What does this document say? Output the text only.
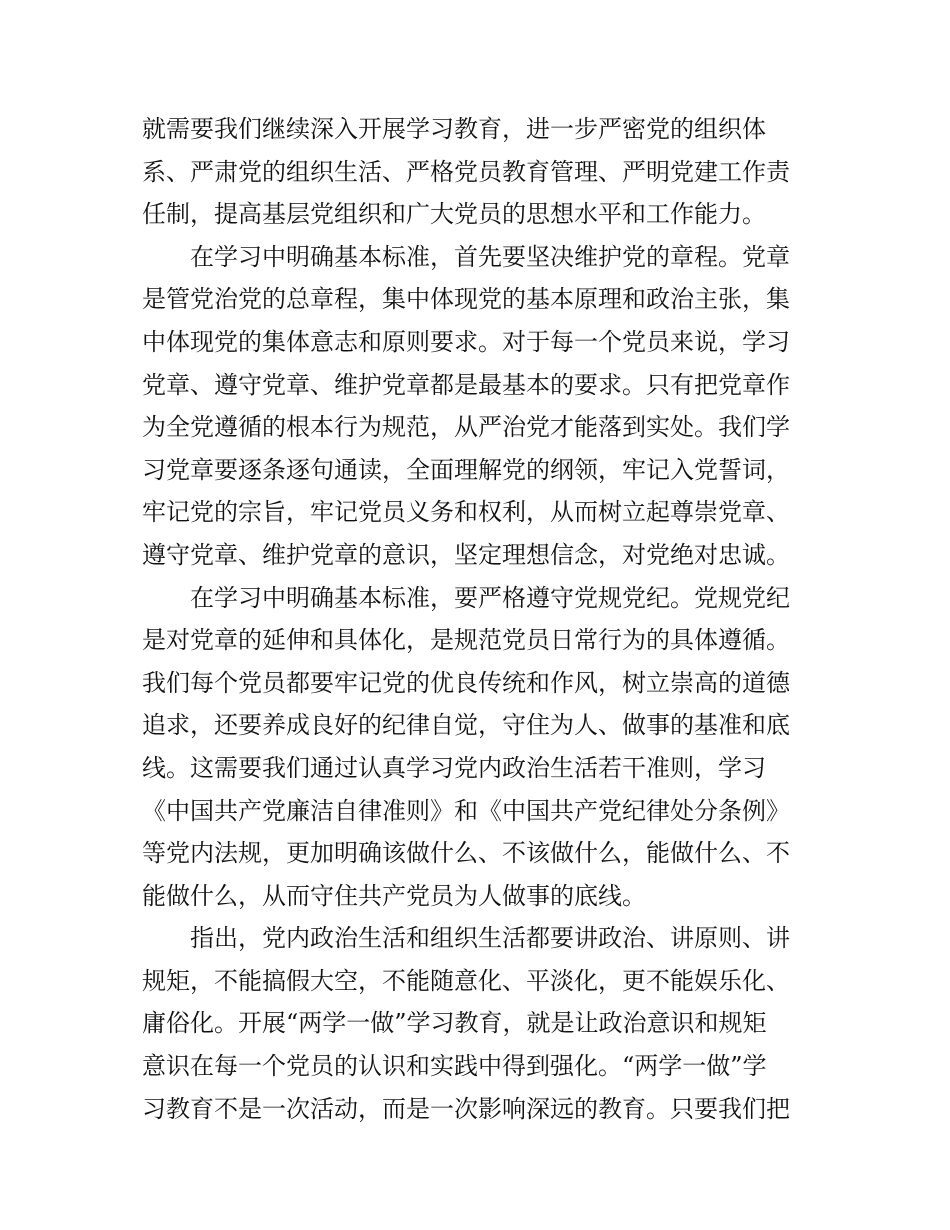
就需要我们继续深入开展学习教育，进一步严密党的组织体
系、严肃党的组织生活、严格党员教育管理、严明党建工作责
任制，提高基层党组织和广大党员的思想水平和工作能力。
在学习中明确基本标准，首先要坚决维护党的章程。党章
是管党治党的总章程，集中体现党的基本原理和政治主张，集
中体现党的集体意志和原则要求。对于每一个党员来说，学习
党章、遵守党章、维护党章都是最基本的要求。只有把党章作
为全党遵循的根本行为规范，从严治党才能落到实处。我们学
习党章要逐条逐句通读，全面理解党的纲领，牢记入党誓词，
牢记党的宗旨，牢记党员义务和权利，从而树立起尊崇党章、
遵守党章、维护党章的意识，坚定理想信念，对党绝对忠诚。
在学习中明确基本标准，要严格遵守党规党纪。党规党纪
是对党章的延伸和具体化，是规范党员日常行为的具体遵循。
我们每个党员都要牢记党的优良传统和作风，树立崇高的道德
追求，还要养成良好的纪律自觉，守住为人、做事的基准和底
线。这需要我们通过认真学习党内政治生活若干准则，学习
《中国共产党廉洁自律准则》和《中国共产党纪律处分条例》
等党内法规，更加明确该做什么、不该做什么，能做什么、不
能做什么，从而守住共产党员为人做事的底线。
指出，党内政治生活和组织生活都要讲政治、讲原则、讲
规矩，不能搞假大空，不能随意化、平淡化，更不能娱乐化、
庸俗化。开展“两学一做”学习教育，就是让政治意识和规矩
意识在每一个党员的认识和实践中得到强化。“两学一做”学
习教育不是一次活动，而是一次影响深远的教育。只要我们把
